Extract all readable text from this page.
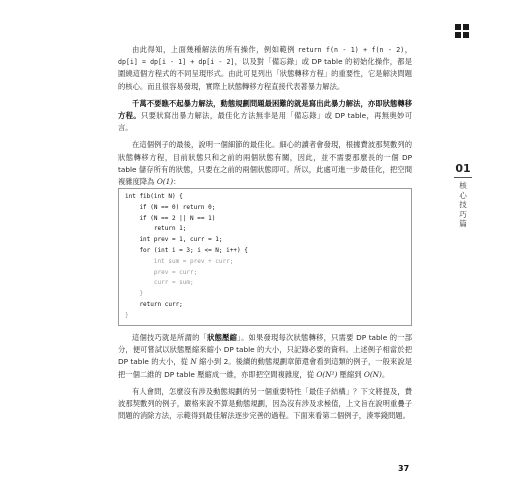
01
核心技巧篇

由此得知，上面幾種解法的所有操作，例如範例 return f(n - 1) + f(n - 2)，dp[i] = dp[i - 1] + dp[i - 2]，以及對「備忘錄」或 DP table 的初始化操作，都是圍繞這個方程式的不同呈現形式。由此可見列出「狀態轉移方程」的重要性，它是解決問題的核心。而且很容易發現，實際上狀態轉移方程直接代表著暴力解法。

千萬不要瞧不起暴力解法，動態規劃問題最困難的就是寫出此暴力解法，亦即狀態轉移方程。只要狀寫出暴力解法，最佳化方法無非是用「備忘錄」或 DP table，再無奧妙可言。

在這個例子的最後，說明一個細節的最佳化。細心的讀者會發現，根據費波那契數列的狀態轉移方程，目前狀態只和之前的兩個狀態有關，因此，並不需要那麼長的一個 DP table 儲存所有的狀態，只要在之前的兩個狀態即可。所以，此處可進一步最佳化，把空間複雜度降為 O(1)：

int fib(int N) {
if (N == 0) return 0;
if (N == 2 || N == 1)
return 1;
int prev = 1, curr = 1;
for (int i = 3; i <= N; i++) {
int sum = prev + curr;
prev = curr;
curr = sum;
}
return curr;
}

這個技巧就是所謂的「狀態壓縮」。如果發現每次狀態轉移，只需要 DP table 的一部分，便可嘗試以狀態壓縮來縮小 DP table 的大小，只記錄必要的資料。上述例子相當於把 DP table 的大小，從 N 縮小到 2。後續的動態規劃章節還會看到這類的例子，一般來說是把一個二維的 DP table 壓縮成一維，亦即把空間複雜度，從 O(N²) 壓縮到 O(N)。

有人會問，怎麼沒有涉及動態規劃的另一個重要特性「最佳子結構」？下文將提及，費波那契數列的例子，嚴格來說不算是動態規劃，因為沒有涉及求極值，上文旨在說明重疊子問題的消除方法，示範得到最佳解法逐步完善的過程。下面來看第二個例子，湊零錢問題。

37
